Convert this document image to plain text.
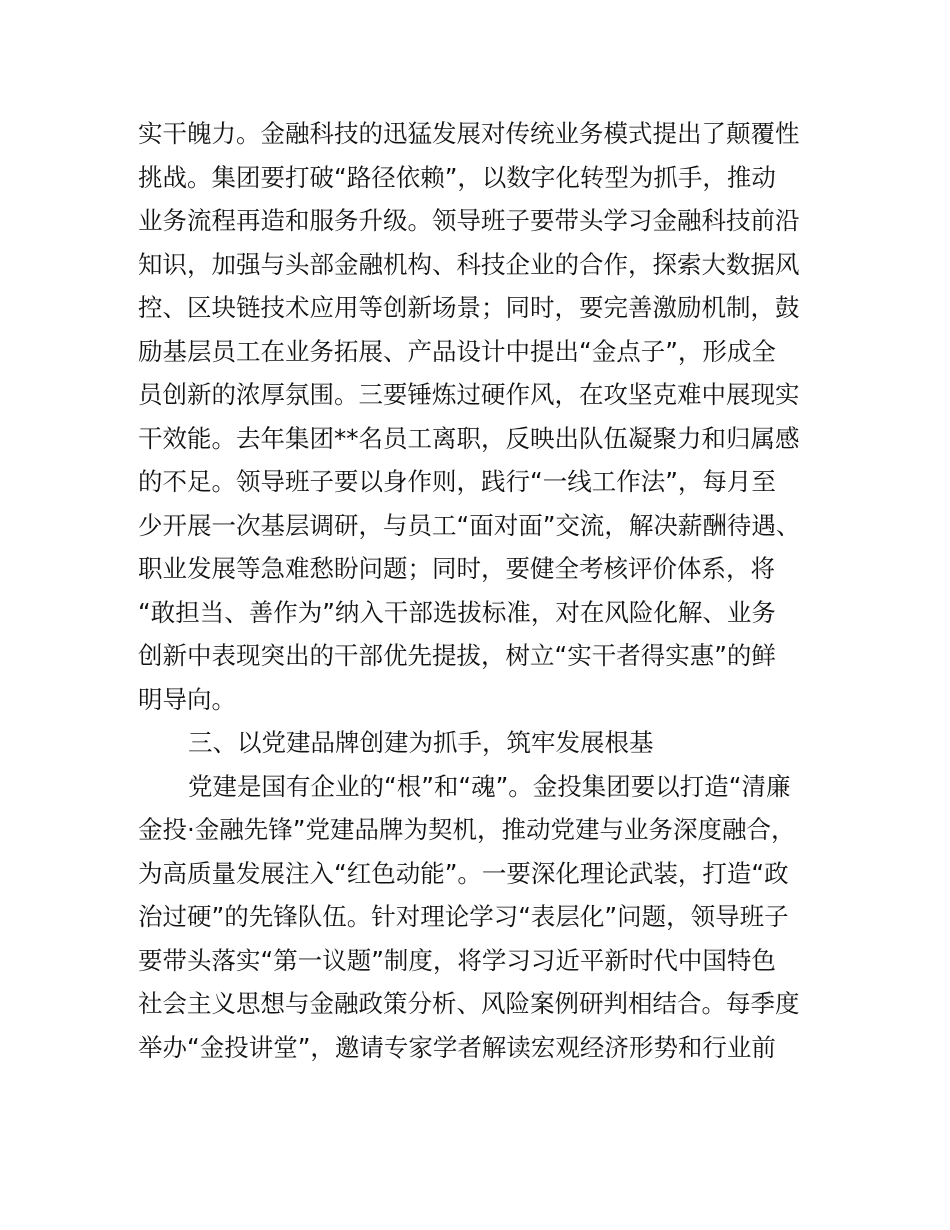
实干魄力。金融科技的迅猛发展对传统业务模式提出了颠覆性
挑战。集团要打破“路径依赖”，以数字化转型为抓手，推动
业务流程再造和服务升级。领导班子要带头学习金融科技前沿
知识，加强与头部金融机构、科技企业的合作，探索大数据风
控、区块链技术应用等创新场景；同时，要完善激励机制，鼓
励基层员工在业务拓展、产品设计中提出“金点子”，形成全
员创新的浓厚氛围。三要锤炼过硬作风，在攻坚克难中展现实
干效能。去年集团**名员工离职，反映出队伍凝聚力和归属感
的不足。领导班子要以身作则，践行“一线工作法”，每月至
少开展一次基层调研，与员工“面对面”交流，解决薪酬待遇、
职业发展等急难愁盼问题；同时，要健全考核评价体系，将
“敢担当、善作为”纳入干部选拔标准，对在风险化解、业务
创新中表现突出的干部优先提拔，树立“实干者得实惠”的鲜
明导向。
三、以党建品牌创建为抓手，筑牢发展根基
党建是国有企业的“根”和“魂”。金投集团要以打造“清廉
金投·金融先锋”党建品牌为契机，推动党建与业务深度融合，
为高质量发展注入“红色动能”。一要深化理论武装，打造“政
治过硬”的先锋队伍。针对理论学习“表层化”问题，领导班子
要带头落实“第一议题”制度，将学习习近平新时代中国特色
社会主义思想与金融政策分析、风险案例研判相结合。每季度
举办“金投讲堂”，邀请专家学者解读宏观经济形势和行业前
